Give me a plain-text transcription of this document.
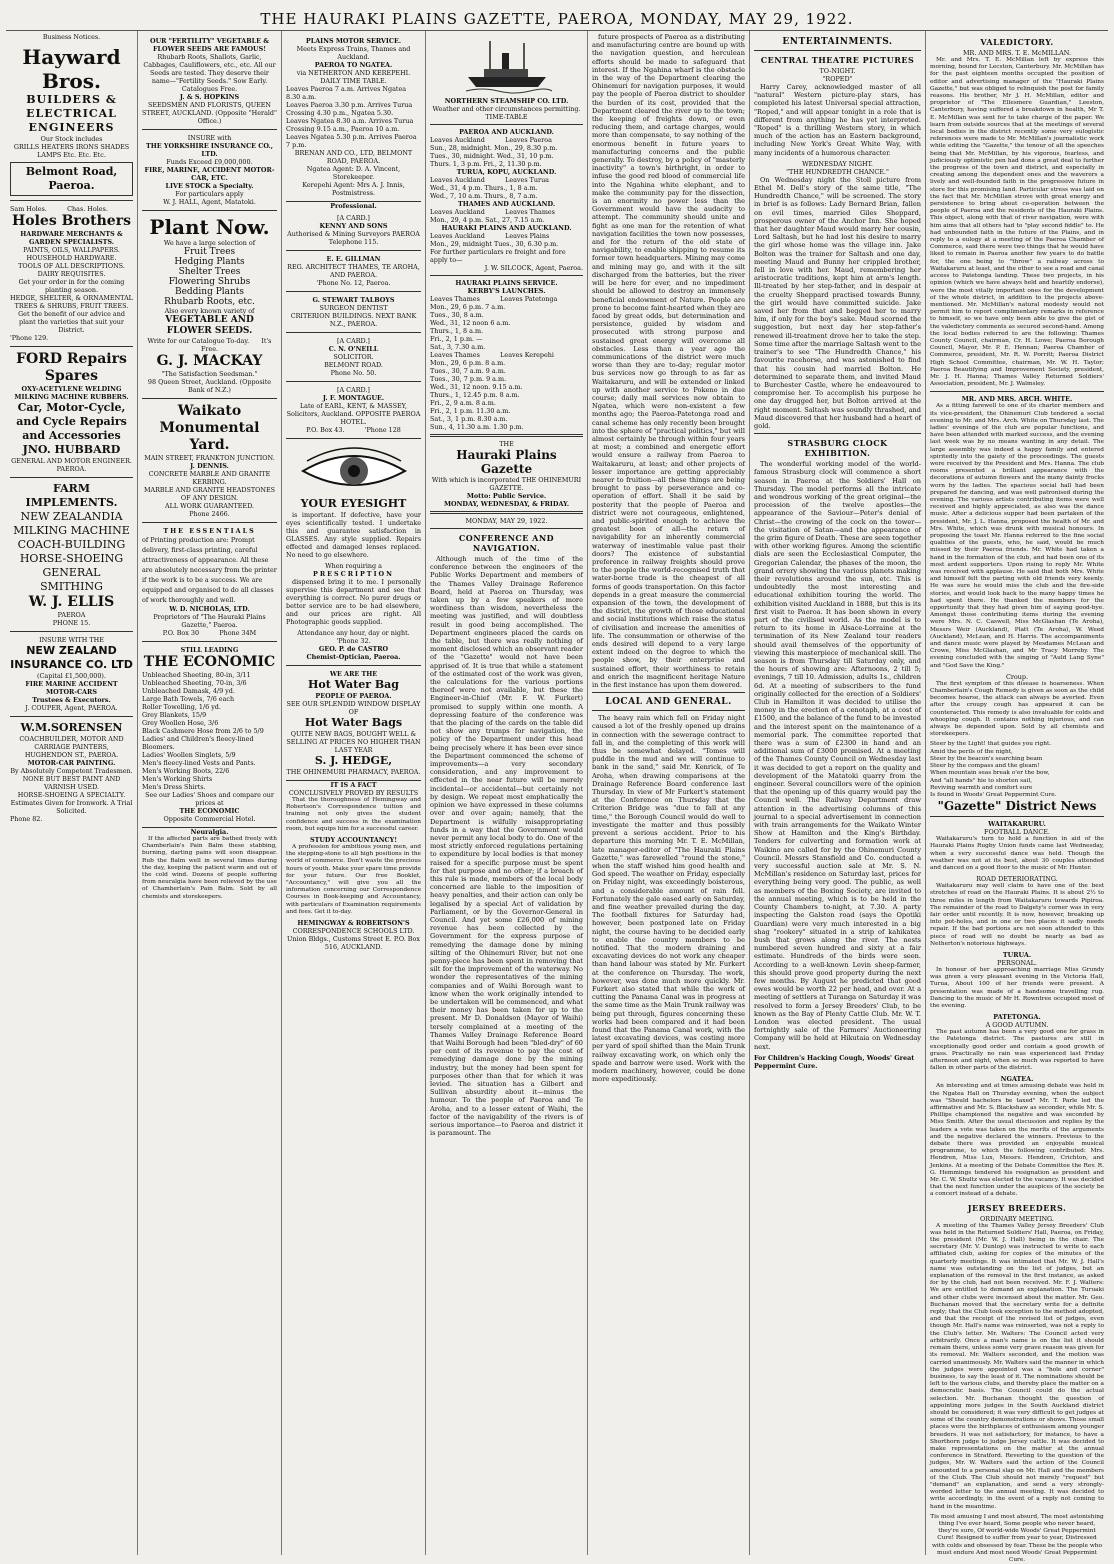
THE HAURAKI PLAINS GAZETTE, PAEROA, MONDAY, MAY 29, 1922.
Business Notices.
Hayward Bros.
BUILDERS & ELECTRICAL ENGINEERS
Our Stock includes
GRILLS HEATERS IRONS SHADES LAMPS Etc. Etc. Etc.
Belmont Road, Paeroa.
Sam Holes.          Chas. Holes.
Holes Brothers
HARDWARE MERCHANTS & GARDEN SPECIALISTS.
PAINTS, OILS, WALLPAPERS.
HOUSEHOLD HARDWARE.
TOOLS OF ALL DESCRIPTIONS. DAIRY REQUISITES.
Get your order in for the coming planting season.
HEDGE, SHELTER, & ORNAMENTAL TREES & SHRUBS, FRUIT TREES.
Get the benefit of our advice and plant the varieties that suit your District.
'Phone 129.
FORD Repairs Spares
OXY-ACETYLENE WELDING
MILKING MACHINE RUBBERS.
Car, Motor-Cycle, and Cycle Repairs and Accessories
JNO. HUBBARD
GENERAL AND MOTOR ENGINEER. PAEROA.
FARM IMPLEMENTS.
NEW ZEALANDIA MILKING MACHINE
COACH-BUILDING HORSE-SHOEING GENERAL SMITHING
W. J. ELLIS
PAEROA
PHONE 15.
INSURE WITH THE
NEW ZEALAND INSURANCE CO. LTD
(Capital £1,500,000).
FIRE MARINE ACCIDENT MOTOR-CARS
Trustees & Executors.
J. COUPER, Agent, PAEROA.
W.M.SORENSEN
COACHBUILDER, MOTOR AND CARRIAGE PAINTERS, HUGHENDON ST., PAEROA.
MOTOR-CAR PAINTING.
By Absolutely Competent Tradesmen.
NONE BUT BEST PAINT AND VARNISH USED.
HORSE-SHOEING A SPECIALTY.
Estimates Given for Ironwork. A Trial Solicited.
Phone 82.
OUR "FERTILITY" VEGETABLE & FLOWER SEEDS ARE FAMOUS!
Rhubarb Roots, Shallots, Garlic, Cabbages, Cauliflowers, etc., etc. All our Seeds are tested. They deserve their name—"Fertility Seeds." Sow Early. Catalogues Free.
J. & S. HOPKINS
SEEDSMEN AND FLORISTS, QUEEN STREET, AUCKLAND. (Opposite "Herald" Office.)
INSURE with
THE YORKSHIRE INSURANCE CO., LTD.
Funds Exceed £9,000,000.
FIRE, MARINE, ACCIDENT MOTOR-CAR, ETC.
LIVE STOCK a Specialty.
For particulars apply
W. J. HALL, Agent, Matatoki.
Plant Now.
We have a large selection of
Fruit Trees
Hedging Plants
Shelter Trees
Flowering Shrubs
Bedding Plants
Rhubarb Roots, etc.
Also every known variety of
VEGETABLE AND FLOWER SEEDS.
Write for our Catalogue To-day.      It's Free.
G. J. MACKAY
"The Satisfaction Seedsman."
98 Queen Street, Auckland. (Opposite Bank of N.Z.)
Waikato Monumental Yard.
MAIN STREET, FRANKTON JUNCTION.
J. DENNIS.
CONCRETE MARBLE AND GRANITE KERBING.
MARBLE AND GRANITE HEADSTONES OF ANY DESIGN.
ALL WORK GUARANTEED.
Phone 2466.
THE ESSENTIALS
of Printing production are: Prompt delivery, first-class printing, careful attractiveness of appearance. All these are absolutely necessary from the printer if the work is to be a success. We are equipped and organised to do all classes of work thoroughly and well.
W. D. NICHOLAS, LTD.
Proprietors of "The Hauraki Plains Gazette," Paeroa.
P.O. Box 30          Phone 34M
STILL LEADING
THE ECONOMIC
Unbleached Sheeting, 80-in, 3/11
Unbleached Sheeting, 70-in, 3/6
Unbleached Damask, 4/9 yd.
Large Bath Towels, 7/6 each
Roller Towelling, 1/6 yd.
Grey Blankets, 15/9
Grey Woollen Hose, 3/6
Black Cashmere Hose from 2/6 to 5/9
Ladies' and Children's fleecy-lined Bloomers.
Ladies' Woollen Singlets, 5/9
Men's fleecy-lined Vests and Pants.
Men's Working Boots, 22/6
Men's Working Shirts
Men's Dress Shirts.
See our Ladies' Shoes and compare our prices at
THE ECONOMIC
Opposite Commercial Hotel.
Neuralgia.
If the affected parts are bathed freely with Chamberlain's Pain Balm these stabbing, burning, darting pains will soon disappear. Rub the Balm well in several times during the day, keeping the patient warm and out of the cold wind. Dozens of people suffering from neuralgia have been relieved by the use of Chamberlain's Pain Balm. Sold by all chemists and storekeepers.
PLAINS MOTOR SERVICE.
Meets Express Trains, Thames and Auckland.
PAEROA TO NGATEA.
via NETHERTON AND KEREPEHI.
DAILY TIME TABLE.
Leaves Paeroa 7 a.m. Arrives Ngatea 8.30 a.m.
Leaves Paeroa 3.30 p.m. Arrives Turua Crossing 4.30 p.m., Ngatea 5.30.
Leaves Ngatea 8.30 a.m. Arrives Turua Crossing 9.15 a.m., Paeroa 10 a.m.
Leaves Ngatea 5.30 p.m. Arrives Paeroa 7 p.m.
BRENAN AND CO., LTD, BELMONT ROAD, PAEROA.
Ngatea Agent: D. A. Vincent, Storekeeper.
Kerepehi Agent: Mrs A. J. Innis, Postmistress.
Professional.
[A CARD.]
KENNY AND SONS
Authorised & Mining Surveyors PAEROA
Telephone 115.
E. E. GILLMAN
REG. ARCHITECT THAMES, TE AROHA, AND PAEROA.
'Phone No. 12, Paeroa.
G. STEWART TALBOYS
SURGEON DENTIST
CRITERION BUILDINGS. NEXT BANK N.Z., PAEROA.
[A CARD.]
C. N. O'NEILL
SOLICITOR.
BELMONT ROAD.
Phone No. 50.
[A CARD.]
J. F. MONTAGUE.
Late of EARL, KENT, & MASSEY, Solicitors, Auckland. OPPOSITE PAEROA HOTEL.
P.O. Box 43.          'Phone 128
YOUR EYESIGHT
is important. If defective, have your eyes scientifically tested. I undertake this and guarantee satisfaction in GLASSES. Any style supplied. Repairs effected and damaged lenses replaced. No need to go elsewhere.
When requiring a
PRESCRIPTION
dispensed bring it to me. I personally supervise this department and see that everything is correct. No purer drugs or better service are to be had elsewhere, and our prices are right. All Photographic goods supplied.
Attendance any hour, day or night.
'Phone 32.
GEO. P. de CASTRO
Chemist-Optician, Paeroa.
WE ARE THE
Hot Water Bag
PEOPLE OF PAEROA.
SEE OUR SPLENDID WINDOW DISPLAY OF
Hot Water Bags
QUITE NEW BAGS, BOUGHT WELL & SELLING AT PRICES NO HIGHER THAN LAST YEAR
S. J. HEDGE,
THE OHINEMURI PHARMACY, PAEROA.
IT IS A FACT
CONCLUSIVELY PROVED BY RESULTS
That the thoroughness of Hemingway and Robertson's Correspondence tuition and training not only gives the student confidence and success in the examination room, but equips him for a successful career.
STUDY ACCOUNTANCY!
A profession for ambitious young men, and the stepping-stone to all high positions in the world of commerce. Don't waste the precious hours of youth. Make your spare time provide for your future. Our free Booklet, "Accountancy," will give you all the information concerning our Correspondence Courses in Book-keeping and Accountancy, with particulars of Examination requirements and fees. Get it to-day.
HEMINGWAY & ROBERTSON'S
CORRESPONDENCE SCHOOLS LTD.
Union Bldgs., Customs Street E. P.O. Box 516, AUCKLAND.
NORTHERN STEAMSHIP CO. LTD.
Weather and other circumstances permitting.
TIME-TABLE
PAEROA AND AUCKLAND.
Leaves Auckland          Leaves Paeroa
Sun., 28, midnight. Mon., 29, 8.30 p.m.
Tues., 30, midnight. Wed., 31, 10 p.m.
Thurs. 1, 3 p.m. Fri., 2, 11.30 p.m.
TURUA, KOPU, AUCKLAND.
Leaves Auckland          Leaves Turua
Wed., 31, 4 p.m. Thurs., 1, 8 a.m.
Wed., 7, 10 a.m. Thurs., 8, 7 a.m.
THAMES AND AUCKLAND.
Leaves Auckland          Leaves Thames
Mon., 29, 4 p.m. Sat., 27, 7.15 a.m.
HAURAKI PLAINS AND AUCKLAND.
Leaves Auckland          Leaves Plains
Mon., 29, midnight Tues., 30, 6.30 p.m.
For further particulars re freight and fore apply to—
J. W. SILCOCK, Agent, Paeroa.
HAURAKI PLAINS SERVICE.
KERBY'S LAUNCHES.
Leaves Thames          Leaves Patetonga
Mon., 29, 6 p.m. 7 a.m.
Tues., 30, 8 a.m.
Wed., 31, 12 noon 6 a.m.
Thurs., 1, 8 a.m.
Fri., 2, 1 p.m. —
Sat., 3, 7.30 a.m.
Leaves Thames          Leaves Kerepehi
Mon., 29, 6 p.m. 8 a.m.
Tues., 30, 7 a.m. 9 a.m.
Tues., 30, 7 p.m. 9 a.m.
Wed., 31, 12 noon. 9.15 a.m.
Thurs., 1, 12.45 p.m. 8 a.m.
Fri., 2, 9 a.m. 8 a.m.
Fri., 2, 1 p.m. 11.30 a.m.
Sat., 3, 1 p.m. 8.30 a.m.
Sun., 4, 11.30 a.m. 1.30 p.m.
THE
Hauraki Plains Gazette
With which is incorporated THE OHINEMURI GAZETTE.
Motto: Public Service.
MONDAY, WEDNESDAY, & FRIDAY.
MONDAY, MAY 29, 1922.
CONFERENCE AND NAVIGATION.
Although much of the time of the conference between the engineers of the Public Works Department and members of the Thames Valley Drainage Reference Board, held at Paeroa on Thursday, was taken up by a few speakers of more wordiness than wisdom, nevertheless the meeting was justified, and will doubtless result in good being accomplished. The Department engineers placed the cards on the table, but there was really nothing of moment disclosed which an observant reader of the "Gazette" would not have been apprised of. It is true that while a statement of the estimated cost of the work was given, the calculations for the various portions thereof were not available, but these the Engineer-in-Chief (Mr. F. W. Furkert) promised to supply within one month. A depressing feature of the conference was that the placing of the cards on the table did not show any trumps for navigation, the policy of the Department under this head being precisely where it has been ever since the Department commenced the scheme of improvements—a very secondary consideration, and any improvement to effected in the near future will be merely incidental—or accidental—but certainly not by design. We repeat most emphatically the opinion we have expressed in these columns over and over again; namely, that the Department is wilfully misappropriating funds in a way that the Government would never permit any local body to do. One of the most strictly enforced regulations pertaining to expenditure by local bodies is that money raised for a specific purpose must be spent for that purpose and no other; if a breach of this rule is made, members of the local body concerned are liable to the imposition of heavy penalties, and their action can only be legalised by a special Act of validation by Parliament, or by the Governor-General in Council. And yet some £26,000 of mining revenue has been collected by the Government for the express purpose of remedying the damage done by mining silting of the Ohinemuri River, but not one penny-piece has been spent in removing that silt for the improvement of the waterway. No wonder the representatives of the mining companies and of Waihi Borough want to know when the work originally intended to be undertaken will be commenced, and what their money has been taken for up to the present. Mr D. Donaldson (Mayor of Waihi) tersely complained at a meeting of the Thames Valley Drainage Reference Board that Waihi Borough had been "bled-dry" of 60 per cent of its revenue to pay the cost of remedying damage done by the mining industry, but the money had been spent for purposes other than that for which it was levied. The situation has a Gilbert and Sullivan absurdity about it—minus the humour. To the people of Paeroa and Te Aroha, and to a lesser extent of Waihi, the factor of the navigability of the rivers is of serious importance—to Paeroa and district it is paramount. The
future prospects of Paeroa as a distributing and manufacturing centre are bound up with the navigation question, and herculean efforts should be made to safeguard that interest. If the Ngahina wharf is the obstacle in the way of the Department clearing the Ohinemuri for navigation purposes, it would pay the people of Paeroa district to shoulder the burden of its cost, provided that the Department cleared the river up to the town; the keeping of freights down, or even reducing them, and cartage charges, would more than compensate, to say nothing of the enormous benefit in future years to manufacturing concerns and the public generally. To destroy, by a policy of "masterly inactivity" a town's birthright, in order to infuse the good red blood of commercial life into the Ngahina white elephant, and to make the community pay for the dissection, is an enormity no power less than the Government would have the audacity to attempt. The community should unite and fight as one man for the retention of what navigation facilities the town now possesses, and for the return of the old state of navigability, to enable shipping to resume its former town headquarters. Mining may come and mining may go, and with it the silt discharged from the batteries, but the river will be here for ever, and no impediment should be allowed to destroy an immensely beneficial endowment of Nature. People are prone to become faint-hearted when they are faced by great odds, but determination and persistence, guided by wisdom and prosecuted with strong purpose and sustained great energy will overcome all obstacles. Less than a year ago the communications of the district were much worse than they are to-day; regular motor bus services now go through to as far as Waitakaruru, and will be extended or linked up with another service to Pokeno in due course; daily mail services now obtain to Ngatea, which were non-existent a few months ago; the Paeroa-Patetonga road and canal scheme has only recently been brought into the sphere of "practical politics," but will almost certainly be through within four years at most; a combined and energetic effort would ensure a railway from Paeroa to Waitakaruru, at least; and other projects of lesser importance are getting appreciably nearer to fruition—all these things are being brought to pass by perseverance and co-operation of effort. Shall it be said by posterity that the people of Paeroa and district were not courageous, enlightened, and public-spirited enough to achieve the greatest boon of all—the return of navigability for an inherently commercial waterway of inestimable value past their doors? The existence of substantial preference in railway freights should prove to the people the world-recognised truth that water-borne trade is the cheapest of all forms of goods transportation. On this factor depends in a great measure the commercial expansion of the town, the development of the district, the growth of those educational and social institutions which raise the status of civilisation and increase the amenities of life. The consummation or otherwise of the ends desired will depend to a very large extent indeed on the degree to which the people show, by their enterprise and sustained effort, their worthiness to retain and enrich the magnificent heritage Nature in the first instance has upon them dowered.
LOCAL AND GENERAL.
The heavy rain which fell on Friday night caused a lot of the freshly opened up drains in connection with the sewerage contract to fall in, and the completing of this work will thus be somewhat delayed. "Tomes will puddle in the mud and we will continue to bank in the sand," said Mr. Kenrick, of Te Aroha, when drawing comparisons at the Drainage Reference Board conference last Thursday. In view of Mr Furkert's statement at the Conference on Thursday that the Criterion Bridge was "due to fall at any time," the Borough Council would do well to investigate the matter and thus possibly prevent a serious accident. Prior to his departure this morning Mr. T. E. McMillan, late manager-editor of "The Hauraki Plains Gazette," was farewelled "round the stone," when the staff wished him good health and God speed. The weather on Friday, especially on Friday night, was exceedingly boisterous, and a considerable amount of rain fell. Fortunately the gale eased early on Saturday, and fine weather prevailed during the day. The football fixtures for Saturday had, however, been postponed late on Friday night, the course having to be decided early to enable the country members to be notified. That the modern draining and excavating devices do not work any cheaper than hand labour was stated by Mr. Furkert at the conference on Thursday. The work, however, was done much more quickly. Mr. Furkert also stated that while the work of cutting the Panama Canal was in progress at the same time as the Main Trunk railway was being put through, figures concerning these works had been compared and it had been found that the Panama Canal work, with the latest excavating devices, was costing more per yard of spoil shifted than the Main Trunk railway excavating work, on which only the spade and barrow were used. Work with the modern machinery, however, could be done more expeditiously.
ENTERTAINMENTS.
CENTRAL THEATRE PICTURES
TO-NIGHT.
"ROPED"
Harry Carey, acknowledged master of all "natural" Western picture-play stars, has completed his latest Universal special attraction, "Roped," and will appear tonight in a role that is different from anything he has yet interpreted. "Roped" is a thrilling Western story, in which much of the action has an Eastern background, including New York's Great White Way, with many incidents of a humorous character.
WEDNESDAY NIGHT.
"THE HUNDREDTH CHANCE."
On Wednesday night the Stoll picture from Ethel M. Dell's story of the same title, "The Hundredth Chance," will be screened. The story in brief is as follows: Lady Bernard Brian, fallen on evil times, married Giles Sheppard, prosperous owner of the Anchor Inn. She hoped that her daughter Maud would marry her cousin, Lord Saltash, but he had lost his desire to marry the girl whose home was the village inn. Jake Bolton was the trainer for Saltash and one day, meeting Maud and Bunny her crippled brother, fell in love with her. Maud, remembering her aristocratic traditions, kept him at arm's length. Ill-treated by her step-father, and in despair at the cruelty Sheppard practised towards Bunny, the girl would have committed suicide. Jake saved her from that and begged her to marry him, if only for the boy's sake. Maud scorned the suggestion, but next day her step-father's renewed ill-treatment drove her to take the step. Some time after the marriage Saltash went to the trainer's to see "The Hundredth Chance," his favourite racehorse, and was astonished to find that his cousin had married Bolton. He determined to separate them, and invited Maud to Burchester Castle, where he endeavoured to compromise her. To accomplish his purpose he one day drugged her, but Bolton arrived at the right moment. Saltash was soundly thrashed, and Maud discovered that her husband had a heart of gold.
STRASBURG CLOCK EXHIBITION.
The wonderful working model of the world-famous Strasburg clock will commence a short season in Paeroa at the Soldiers' Hall on Thursday. The model performs all the intricate and wondrous working of the great original—the procession of the twelve apostles—the appearance of the Saviour—Peter's denial of Christ—the crowing of the cock on the tower—the visitation of Satan—and the appearance of the grim figure of Death. These are seen together with other working figures. Among the scientific dials are seen the Ecclesiastical Computer, the Gregorian Calendar, the phases of the moon, the grand orrery showing the various planets making their revolutions around the sun, etc. This is undoubtedly the most interesting and educational exhibition touring the world. The exhibition visited Auckland in 1888, but this is its first visit to Paeroa. It has been shown in every part of the civilised world. As the model is to return to its home in Alsace-Lorraine at the termination of its New Zealand tour readers should avail themselves of the opportunity of viewing this masterpiece of mechanical skill. The season is from Thursday till Saturday only, and the hours of showing are: Afternoons, 2 till 5; evenings, 7 till 10. Admission, adults 1s., children 6d. At a meeting of subscribers to the fund originally collected for the erection of a Soldiers' Club in Hamilton it was decided to utilise the money in the erection of a cenotaph, at a cost of £1500, and the balance of the fund to be invested and the interest spent on the maintenance of a memorial park. The committee reported that there was a sum of £2300 in hand and an additional sum of £3000 promised. At a meeting of the Thames County Council on Wednesday last it was decided to get a report on the quality and development of the Matatoki quarry from the engineer. Several councillors were of the opinion that the opening up of this quarry would pay the Council well. The Railway Department draw attention in the advertising columns of this journal to a special advertisement in connection with train arrangements for the Waikato Winter Show at Hamilton and the King's Birthday. Tenders for culverting and formation work at Waikino are called for by the Ohinemuri County Council. Messrs Stansfield and Co. conducted a very successful auction sale at Mr. S. N. McMillan's residence on Saturday last, prices for everything being very good. The public, as well as members of the Boxing Society, are invited to the annual meeting, which is to be held in the County Chambers to-night, at 7.30. A party inspecting the Galston road (says the Opotiki Guardian) were very much interested in a big shag "rookery" situated in a strip of kahikatea bush that grows along the river. The nests numbered seven hundred and sixty at a fair estimate. Hundreds of the birds were seen. According to a well-known Levin sheep-farmer, this should prove good property during the next few months. By August he predicted that good ewes would be worth 22 per head, and over. At a meeting of settlers at Turanga on Saturday it was resolved to form a Jersey Breeders' Club, to be known as the Bay of Plenty Cattle Club. Mr. W. T. London was elected president. The usual fortnightly sale of the Farmers' Auctioneering Company will be held at Hikutaia on Wednesday next.
For Children's Hacking Cough, Woods' Great Peppermint Cure.
VALEDICTORY.
MR. AND MRS. T. E. McMILLAN.
Mr. and Mrs. T. E. McMillan left by express this morning, bound for Lecston, Canterbury. Mr. McMillan has for the past eighteen months occupied the position of editor and advertising manager of the "Hauraki Plains Gazette," but was obliged to relinquish the post for family reasons. His brother, Mr J. H. McMillan, editor and proprietor of "The Ellesmere Guardian," Leeston, Canterbury, having suffered a breakdown in health, Mr T. E. McMillan was sent for to take charge of the paper. We learn from outside sources that at the meetings of several local bodies in the district recently some very eulogistic references were made to Mr. McMillan's journalistic work while editing the "Gazette," the tenour of all the speeches being that Mr. McMillan, by his vigorous, fearless, and judiciously optimistic pen had done a great deal to further the progress of the town and district, and especially in creating among the dependent ones and the waverers a lively and well-founded faith in the progressive future in store for this promising land. Particular stress was laid on the fact that Mr. McMillan strove with great energy and persistence to bring about co-operation between the people of Paeroa and the residents of the Hauraki Plains. This object, along with that of river navigation, were with him aims that all others had to "play second fiddle" to. He had unbounded faith in the future of the Plains, and in reply to a eulogy at a meeting of the Paeroa Chamber of Commerce, said there were two things that he would have liked to remain in Paeroa another few years to do battle for, the one being to "throw" a railway across to Waitakaruru at least, and the other to see a road and canal access to Patetonga landing. These two projects, in his opinion (which we have always held and heartily endorse), were the most vitally important ones for the development of the whole district, in addition to the projects above-mentioned. Mr. McMillan's natural modesty would not permit him to report complimentary remarks in reference to himself, so we have only been able to give the gist of the valedictory comments as secured second-hand. Among the local bodies referred to are the following: Thames County Council, chairman, Cr. H. Lowe; Paeroa Borough Council, Mayor, Mr. P. E. Hennan; Paeroa Chamber of Commerce, president, Mr. R. W. Porritt; Paeroa District High School Committee, chairman, Mr. W. H. Taylor; Paeroa Beautifying and Improvement Society, president, Mr. J. H. Hanna; Thames Valley Returned Soldiers' Association, president, Mr. J. Walmsley.
MR. AND MRS. ARCH. WHITE.
As a fitting farewell to one of its charter members and its vice-president, the Ohinemuri Club tendered a social evening to Mr. and Mrs. Arch. White on Thursday last. The ladies' evenings of the club are popular functions, and have been attended with marked success, and the evening last week was by no means wanting in any detail. The large assembly was indeed a happy family and entered spiritedly into the gaiety of the proceedings. The guests were received by the President and Mrs. Hanna. The club rooms presented a brilliant appearance with the decorations of autumn flowers and the many dainty frocks worn by the ladies. The spacious social hall had been prepared for dancing, and was well patronised during the evening. The various artists contributing items were well received and highly appreciated, as also was the dance music. After a delicious supper had been partaken of the president, Mr. J. L. Hanna, proposed the health of Mr. and Mrs. White, which was drunk with musical honours. In proposing the toast Mr. Hanna referred to the fine social qualities of the guests, who, he said, would be much missed by their Paeroa friends. Mr. White had taken a hand in the formation of the club, and had been one of its most ardent supporters. Upon rising to reply Mr. White was received with applause. He said that both Mrs. White and himself felt the parting with old friends very keenly. He was sure he would miss the club and the fire-side stories, and would look back to the many happy times he had spent there. He thanked the members for the opportunity that they had given him of saying good-bye. Amongst those contributing items during the evening were Mrs. N. C. Caswell, Miss McGlashan (Te Aroha), Messrs Weir (Auckland), Platt (Te Aroha), W. Weed (Auckland), McLean, and H. Harris. The accompaniments and dance music were played by Mesdames McLean and Crowe, Miss McGlashan, and Mr Tracy Morreby. The evening concluded with the singing of "Auld Lang Syne" and "God Save the King."
Croup.
The first symptom of this disease is hoarseness. When Chamberlain's Cough Remedy is given as soon as the child becomes hoarse, the attack can always be averted. Even after the croupy cough has appeared it can be counteracted. This remedy is also invaluable for colds and whooping cough. It contains nothing injurious, and can always be depended upon. Sold by all chemists and storekeepers.
Steer by the Light! that guides you right.
Amid the perils of the night,
Steer by the beacon's searching beam
Steer by the compass and the gleam!
When mountain seas break o'er the bow,
And "all hands" hie to shorten sail,
Reviving warmth and comfort sure
Is found in Woods' Great Peppermint Cure.
"Gazette" District News
WAITAKARURU.
FOOTBALL DANCE.
Waitakaruru's turn to hold a function in aid of the Hauraki Plains Rugby Union funds came last Wednesday, when a very successful dance was held. Though the weather was not at its best, about 30 couples attended and danced on a good floor to the music of Mr. Hunter.
ROAD DETERIORATING.
Waitakaruru may well claim to have one of the best stretches of road on the Hauraki Plains. It is about 2½ to three miles in length from Waitakaruru towards Pipiroa. The remainder of the road to Dalgety's corner was in very fair order until recently. It is now, however, breaking up into pot-holes, and in one or two places it sadly needs repair. If the bad portions are not soon attended to this piece of road will no doubt be nearly as bad as Netherton's notorious highways.
TURUA.
PERSONAL.
In honour of her approaching marriage Miss Grundy was given a very pleasant evening in the Victoria Hall, Turua, About 100 of her friends were present. A presentation was made of a handsome travelling rug. Dancing to the music of Mr H. Rowntree occupied most of the evening.
PATETONGA.
A GOOD AUTUMN.
The past autumn has been a very good one for grass in the Patetonga district. The pastures are still in exceptionally good order and contain a good growth of grass. Practically no rain was experienced last Friday afternoon and night, when so much was reported to have fallen in other parts of the district.
NGATEA.
An interesting and at times amusing debate was held in the Ngatea Hall on Thursday evening, when the subject was "Should bachelors be taxed" Mr. T. Parle led the affirmative and Mr. S. Blackshaw as seconder, while Mr. S. Phillips championed the negative and was seconded by Miss Smith. After the usual discussion and replies by the leaders a vote was taken on the merits of the arguments and the negative declared the winners. Previous to the debate there was provided an enjoyable musical programme, to which the following contributed: Mrs. Hendren, Miss Lux, Messrs. Hendren, Crichton, and Jenkins. At a meeting of the Debate Committee the Rev. R. G. Hemmings tendered his resignation as president and Mr. C. W. Shultz was elected to the vacancy. It was decided that the next function under the auspices of the society be a concert instead of a debate.
JERSEY BREEDERS.
ORDINARY MEETING.
A meeting of the Thames Valley Jersey Breeders' Club was held in the Returned Soldiers' Hall, Paeroa, on Friday, the president (Mr. W. J. Hall) being in the chair. The secretary (Mr. V. Dunlop) was instructed to write to each affiliated club, asking for copies of the minutes of the quarterly meetings. It was intimated that Mr. W. J. Hall's name was outstanding on the list of judges, but an explanation of the removal in the first instance, as asked for by the club, had not been received. Mr. F. J. Walters: We are entitled to demand an explanation. The Turuaki and other clubs were incensed about the matter. Mr. Geo. Buchanan moved that the secretary write for a definite reply; that the Club took exception to the method adopted, and that the receipt of the revised list of judges, even though Mr. Hall's name was reinserted, was not a reply to the Club's letter. Mr. Walters: The Council acted very arbitrarily. Once a man's name is on the list it should remain there, unless some very grave reason was given for its removal. Mr. Walters seconded, and the motion was carried unanimously. Mr. Walters said the manner in which the judges were appointed was a "hole and corner" business, to say the least of it. The nominations should be left to the various clubs, and thereby place the matter on a democratic basis. The Council could do the actual selection. Mr. Buchanan thought the question of appointing more judges in the South Auckland district should be considered; it was very difficult to get judges at some of the country demonstrations or shows. Those small places were the birthplaces of enthusiasm among younger breeders. It was not satisfactory, for instance, to have a Shorthorn judge to judge Jersey cattle. It was decided to make representations on the matter at the annual conference in Stratford. Reverting to the question of the judges, Mr. W. Walters said the action of the Council amounted to a personal slap on Mr. Hall and the members of the Club. The Club should not merely "request" but "demand" an explanation, and send a very strongly-worded letter to the annual meeting. It was decided to write accordingly, in the event of a reply not coming to hand in the meantime.
Tis most amusing I and most absurd, The most astonishing thing I've ever heard, Some people who never heard, they're sure, Of world-wide Woods' Great Peppermint Cure! Resigned to suffer from year to year, Distressed with colds and obsessed by fear. These be the people who must endure And most need Woods' Great Peppermint Cure.
